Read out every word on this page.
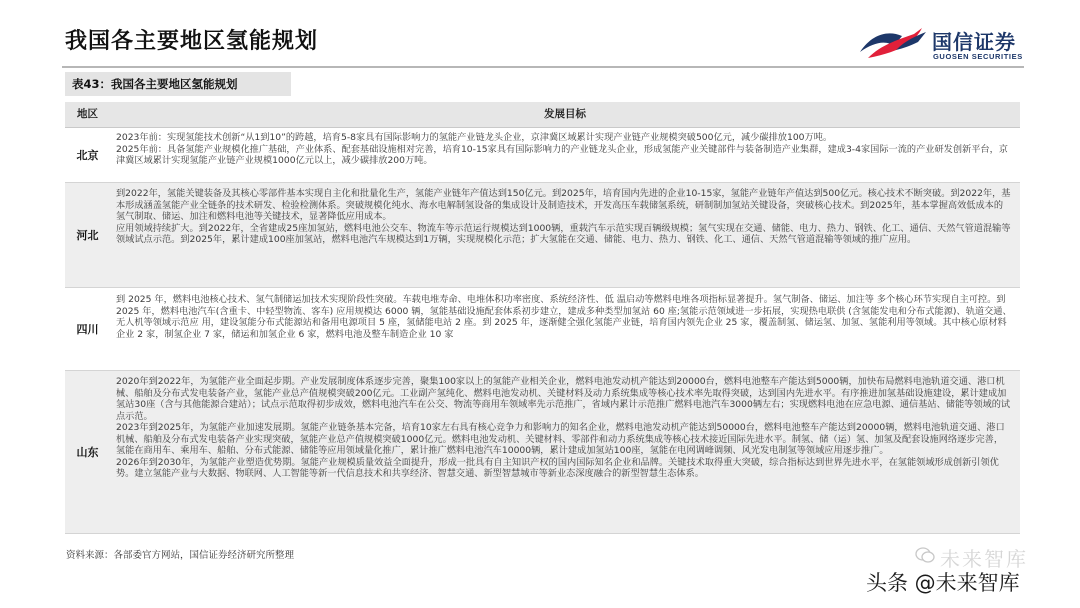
我国各主要地区氢能规划	国信证券
GUOSEN SECURITIES
表43：我国各主要地区氢能规划
地区	发展目标
北京

2023年前：实现氢能技术创新“从1到10”的跨越，培育5-8家具有国际影响力的氢能产业链龙头企业，京津冀区域累计实现产业链产业规模突破500亿元，减少碳排放100万吨。

2025年前：具备氢能产业规模化推广基础，产业体系、配套基础设施相对完善，培育10-15家具有国际影响力的产业链龙头企业，形成氢能产业关键部件与装备制造产业集群，建成3-4家国际一流的产业研发创新平台，京津冀区域累计实现氢能产业链产业规模1000亿元以上，减少碳排放200万吨。

河北

到2022年，氢能关键装备及其核心零部件基本实现自主化和批量化生产，氢能产业链年产值达到150亿元。到2025年，培育国内先进的企业10-15家，氢能产业链年产值达到500亿元。核心技术不断突破。到2022年，基本形成涵盖氢能产业全链条的技术研发、检验检测体系。突破规模化纯水、海水电解制氢设备的集成设计及制造技术，开发高压车载储氢系统，研制制加氢站关键设备，突破核心技术。到2025年，基本掌握高效低成本的氢气制取、储运、加注和燃料电池等关键技术，显著降低应用成本。

应用领域持续扩大。到2022年，全省建成25座加氢站，燃料电池公交车、物流车等示范运行规模达到1000辆，重载汽车示范实现百辆级规模；氢气实现在交通、储能、电力、热力、钢铁、化工、通信、天然气管道混输等领域试点示范。到2025年，累计建成100座加氢站，燃料电池汽车规模达到1万辆，实现规模化示范；扩大氢能在交通、储能、电力、热力、钢铁、化工、通信、天然气管道混输等领域的推广应用。

四川

到 2025 年，燃料电池核心技术、氢气制储运加技术实现阶段性突破。车载电堆寿命、电堆体积功率密度、系统经济性、低 温启动等燃料电堆各项指标显著提升。氢气制备、储运、加注等 多个核心环节实现自主可控。到 2025 年，燃料电池汽车(含重卡、中轻型物流、客车) 应用规模达 6000 辆，氢能基础设施配套体系初步建立，建成多种类型加氢站 60 座;氢能示范领域进一步拓展，实现热电联供 (含氢能发电和分布式能源)、轨道交通、无人机等领域示范应 用，建设氢能分布式能源站和备用电源项目 5 座，氢储能电站 2 座。到 2025 年，逐渐健全强化氢能产业链，培育国内领先企业 25 家，覆盖制氢、储运氢、加氢、氢能利用等领域。其中核心原材料企业 2 家，制氢企业 7 家，储运和加氢企业 6 家，燃料电池及整车制造企业 10 家

山东

2020年到2022年，为氢能产业全面起步期。产业发展制度体系逐步完善，聚集100家以上的氢能产业相关企业，燃料电池发动机产能达到20000台，燃料电池整车产能达到5000辆，加快布局燃料电池轨道交通、港口机械、船舶及分布式发电装备产业，氢能产业总产值规模突破200亿元。工业副产氢纯化、燃料电池发动机、关键材料及动力系统集成等核心技术率先取得突破，达到国内先进水平。有序推进加氢基础设施建设，累计建成加氢站30座（含与其他能源合建站）；试点示范取得初步成效，燃料电池汽车在公交、物流等商用车领域率先示范推广，省域内累计示范推广燃料电池汽车3000辆左右；实现燃料电池在应急电源、通信基站、储能等领域的试点示范。

2023年到2025年，为氢能产业加速发展期。氢能产业链条基本完备，培育10家左右具有核心竞争力和影响力的知名企业，燃料电池发动机产能达到50000台，燃料电池整车产能达到20000辆，燃料电池轨道交通、港口机械、船舶及分布式发电装备产业实现突破，氢能产业总产值规模突破1000亿元。燃料电池发动机、关键材料、零部件和动力系统集成等核心技术接近国际先进水平。制氢、储（运）氢、加氢及配套设施网络逐步完善，氢能在商用车、乘用车、船舶、分布式能源、储能等应用领域量化推广，累计推广燃料电池汽车10000辆，累计建成加氢站100座，氢能在电网调峰调频、风光发电制氢等领域应用逐步推广。

2026年到2030年，为氢能产业塑造优势期。氢能产业规模质量效益全面提升，形成一批具有自主知识产权的国内国际知名企业和品牌。关键技术取得重大突破，综合指标达到世界先进水平，在氢能领域形成创新引领优势。建立氢能产业与大数据、物联网、人工智能等新一代信息技术和共享经济、智慧交通、新型智慧城市等新业态深度融合的新型智慧生态体系。

资料来源：各部委官方网站，国信证券经济研究所整理	未来智库
头条 @未来智库
